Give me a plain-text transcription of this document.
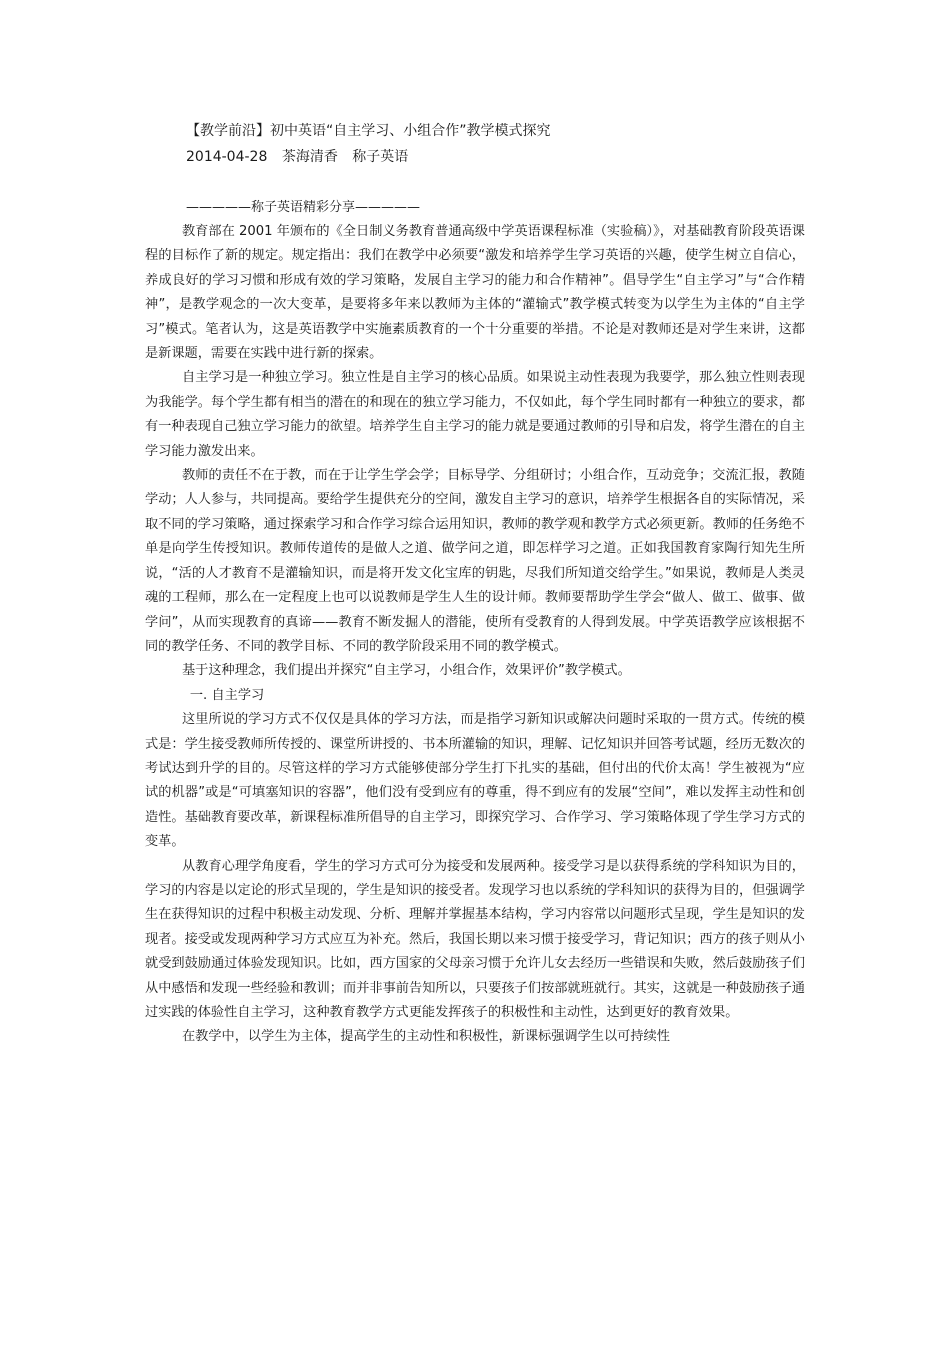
【教学前沿】初中英语“自主学习、小组合作”教学模式探究
2014-04-28 茶海清香 称子英语
—————称子英语精彩分享—————

教育部在 2001 年颁布的《全日制义务教育普通高级中学英语课程标准（实验稿）》，对基础教育阶段英语课程的目标作了新的规定。规定指出：我们在教学中必须要“激发和培养学生学习英语的兴趣，使学生树立自信心，养成良好的学习习惯和形成有效的学习策略，发展自主学习的能力和合作精神”。倡导学生“自主学习”与“合作精神”，是教学观念的一次大变革，是要将多年来以教师为主体的“灌输式”教学模式转变为以学生为主体的“自主学习”模式。笔者认为，这是英语教学中实施素质教育的一个十分重要的举措。不论是对教师还是对学生来讲，这都是新课题，需要在实践中进行新的探索。

自主学习是一种独立学习。独立性是自主学习的核心品质。如果说主动性表现为我要学，那么独立性则表现为我能学。每个学生都有相当的潜在的和现在的独立学习能力，不仅如此，每个学生同时都有一种独立的要求，都有一种表现自己独立学习能力的欲望。培养学生自主学习的能力就是要通过教师的引导和启发，将学生潜在的自主学习能力激发出来。

教师的责任不在于教，而在于让学生学会学；目标导学、分组研讨；小组合作，互动竞争；交流汇报，教随学动；人人参与，共同提高。要给学生提供充分的空间，激发自主学习的意识，培养学生根据各自的实际情况，采取不同的学习策略，通过探索学习和合作学习综合运用知识，教师的教学观和教学方式必须更新。教师的任务绝不单是向学生传授知识。教师传道传的是做人之道、做学问之道，即怎样学习之道。正如我国教育家陶行知先生所说，“活的人才教育不是灌输知识，而是将开发文化宝库的钥匙，尽我们所知道交给学生。”如果说，教师是人类灵魂的工程师，那么在一定程度上也可以说教师是学生人生的设计师。教师要帮助学生学会“做人、做工、做事、做学问”，从而实现教育的真谛——教育不断发掘人的潜能，使所有受教育的人得到发展。中学英语教学应该根据不同的教学任务、不同的教学目标、不同的教学阶段采用不同的教学模式。

基于这种理念，我们提出并探究“自主学习，小组合作，效果评价”教学模式。

一. 自主学习

这里所说的学习方式不仅仅是具体的学习方法，而是指学习新知识或解决问题时采取的一贯方式。传统的模式是：学生接受教师所传授的、课堂所讲授的、书本所灌输的知识，理解、记忆知识并回答考试题，经历无数次的考试达到升学的目的。尽管这样的学习方式能够使部分学生打下扎实的基础，但付出的代价太高！学生被视为“应试的机器”或是“可填塞知识的容器”，他们没有受到应有的尊重，得不到应有的发展“空间”，难以发挥主动性和创造性。基础教育要改革，新课程标准所倡导的自主学习，即探究学习、合作学习、学习策略体现了学生学习方式的变革。

从教育心理学角度看，学生的学习方式可分为接受和发展两种。接受学习是以获得系统的学科知识为目的，学习的内容是以定论的形式呈现的，学生是知识的接受者。发现学习也以系统的学科知识的获得为目的，但强调学生在获得知识的过程中积极主动发现、分析、理解并掌握基本结构，学习内容常以问题形式呈现，学生是知识的发现者。接受或发现两种学习方式应互为补充。然后，我国长期以来习惯于接受学习，背记知识；西方的孩子则从小就受到鼓励通过体验发现知识。比如，西方国家的父母亲习惯于允许儿女去经历一些错误和失败，然后鼓励孩子们从中感悟和发现一些经验和教训；而并非事前告知所以，只要孩子们按部就班就行。其实，这就是一种鼓励孩子通过实践的体验性自主学习，这种教育教学方式更能发挥孩子的积极性和主动性，达到更好的教育效果。

在教学中，以学生为主体，提高学生的主动性和积极性，新课标强调学生以可持续性
